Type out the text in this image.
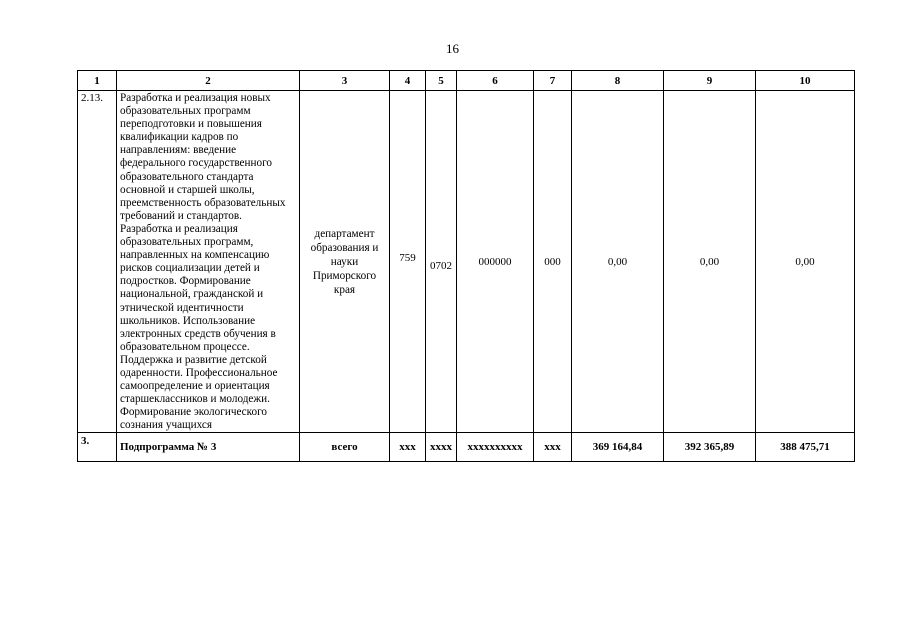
16
1	2	3	4	5	6	7	8	9	10
2.13.	Разработка и реализация новых образовательных программ переподготовки и повышения квалификации кадров по направлениям: введение федерального государственного образовательного стандарта основной и старшей школы, преемственность образовательных требований и стандартов. Разработка и реализация образовательных программ, направленных на компенсацию рисков социализации детей и подростков. Формирование национальной, гражданской и этнической идентичности школьников. Использование электронных средств обучения в образовательном процессе. Поддержка и развитие детской одаренности. Профессиональное самоопределение и ориентация старшеклассников и молодежи. Формирование экологического сознания учащихся	департамент образования и науки Приморского края	759	0702	000000	000	0,00	0,00	0,00
3.	Подпрограмма № 3	всего	ххх	хххх	хххххххххх	ххх	369 164,84	392 365,89	388 475,71
